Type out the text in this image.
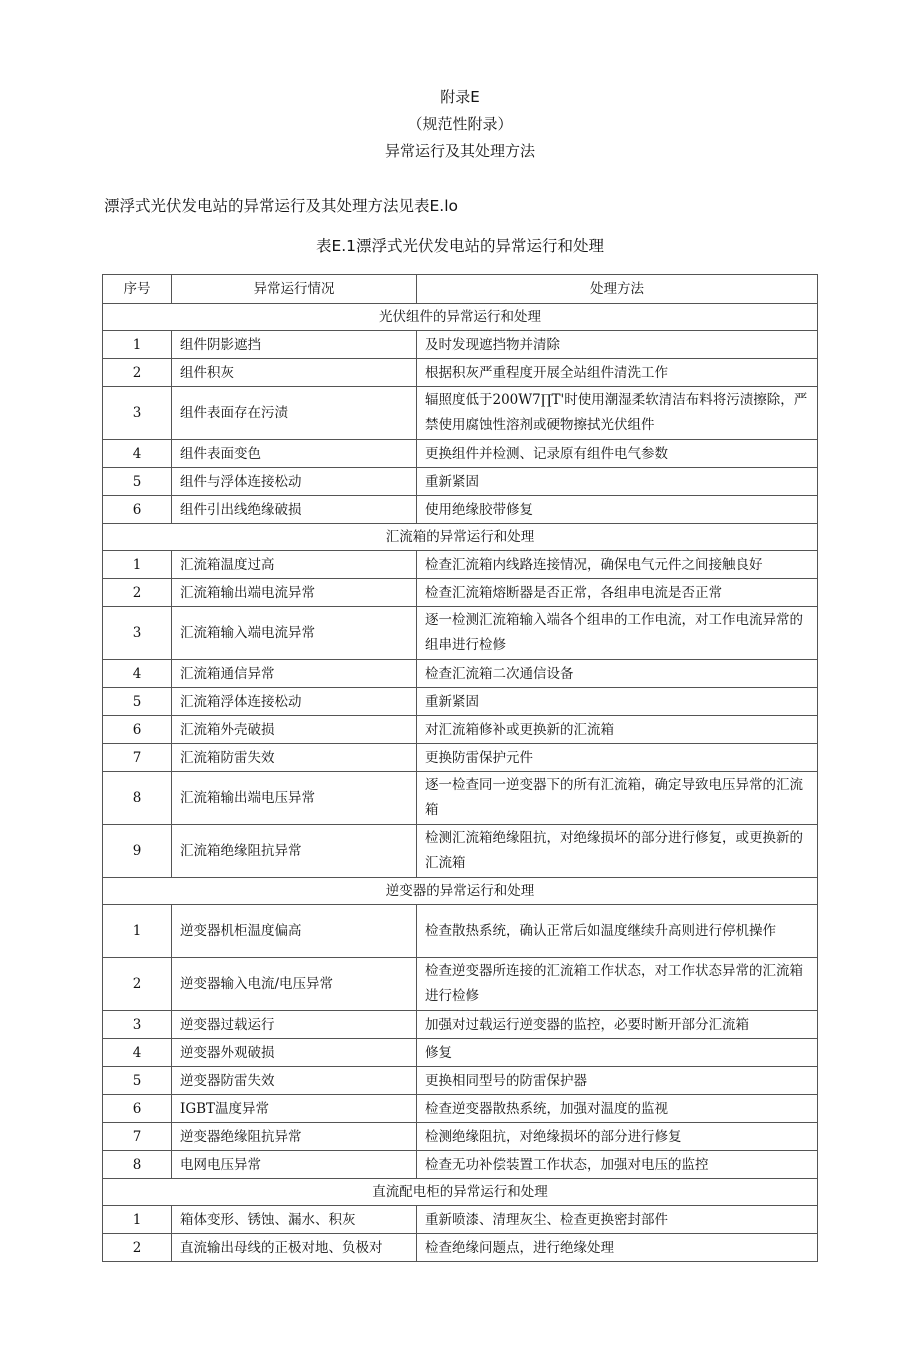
附录E
（规范性附录）
异常运行及其处理方法
漂浮式光伏发电站的异常运行及其处理方法见表E.lo
表E.1漂浮式光伏发电站的异常运行和处理
序号	异常运行情况	处理方法
光伏组件的异常运行和处理		
1	组件阴影遮挡	及时发现遮挡物并清除
2	组件积灰	根据积灰严重程度开展全站组件清洗工作
3	组件表面存在污渍	辐照度低于200W7∏T'时使用潮湿柔软清洁布料将污渍擦除，严禁使用腐蚀性溶剂或硬物擦拭光伏组件
4	组件表面变色	更换组件并检测、记录原有组件电气参数
5	组件与浮体连接松动	重新紧固
6	组件引出线绝缘破损	使用绝缘胶带修复
汇流箱的异常运行和处理		
1	汇流箱温度过高	检查汇流箱内线路连接情况，确保电气元件之间接触良好
2	汇流箱输出端电流异常	检查汇流箱熔断器是否正常，各组串电流是否正常
3	汇流箱输入端电流异常	逐一检测汇流箱输入端各个组串的工作电流，对工作电流异常的组串进行检修
4	汇流箱通信异常	检查汇流箱二次通信设备
5	汇流箱浮体连接松动	重新紧固
6	汇流箱外壳破损	对汇流箱修补或更换新的汇流箱
7	汇流箱防雷失效	更换防雷保护元件
8	汇流箱输出端电压异常	逐一检查同一逆变器下的所有汇流箱，确定导致电压异常的汇流箱
9	汇流箱绝缘阻抗异常	检测汇流箱绝缘阻抗，对绝缘损坏的部分进行修复，或更换新的汇流箱
逆变器的异常运行和处理		
1	逆变器机柜温度偏高	检查散热系统，确认正常后如温度继续升高则进行停机操作
2	逆变器输入电流/电压异常	检查逆变器所连接的汇流箱工作状态，对工作状态异常的汇流箱进行检修
3	逆变器过载运行	加强对过载运行逆变器的监控，必要时断开部分汇流箱
4	逆变器外观破损	修复
5	逆变器防雷失效	更换相同型号的防雷保护器
6	IGBT温度异常	检查逆变器散热系统，加强对温度的监视
7	逆变器绝缘阻抗异常	检测绝缘阻抗，对绝缘损坏的部分进行修复
8	电网电压异常	检查无功补偿装置工作状态，加强对电压的监控
直流配电柜的异常运行和处理		
1	箱体变形、锈蚀、漏水、积灰	重新喷漆、清理灰尘、检查更换密封部件
2	直流输出母线的正极对地、负极对	检查绝缘问题点，进行绝缘处理
